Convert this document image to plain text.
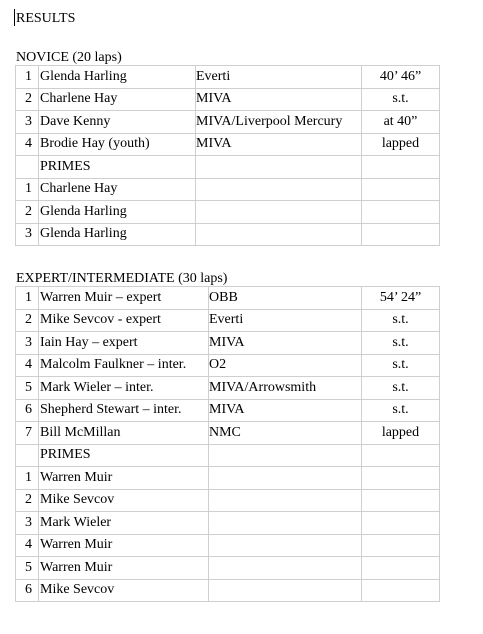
RESULTS
NOVICE (20 laps)
1	Glenda Harling	Everti	40’ 46”
2	Charlene Hay	MIVA	s.t.
3	Dave Kenny	MIVA/Liverpool Mercury	at 40”
4	Brodie Hay (youth)	MIVA	lapped
	PRIMES		
1	Charlene Hay		
2	Glenda Harling		
3	Glenda Harling		
EXPERT/INTERMEDIATE (30 laps)
1	Warren Muir – expert	OBB	54’ 24”
2	Mike Sevcov - expert	Everti	s.t.
3	Iain Hay – expert	MIVA	s.t.
4	Malcolm Faulkner – inter.	O2	s.t.
5	Mark Wieler – inter.	MIVA/Arrowsmith	s.t.
6	Shepherd Stewart – inter.	MIVA	s.t.
7	Bill McMillan	NMC	lapped
	PRIMES		
1	Warren Muir		
2	Mike Sevcov		
3	Mark Wieler		
4	Warren Muir		
5	Warren Muir		
6	Mike Sevcov		
